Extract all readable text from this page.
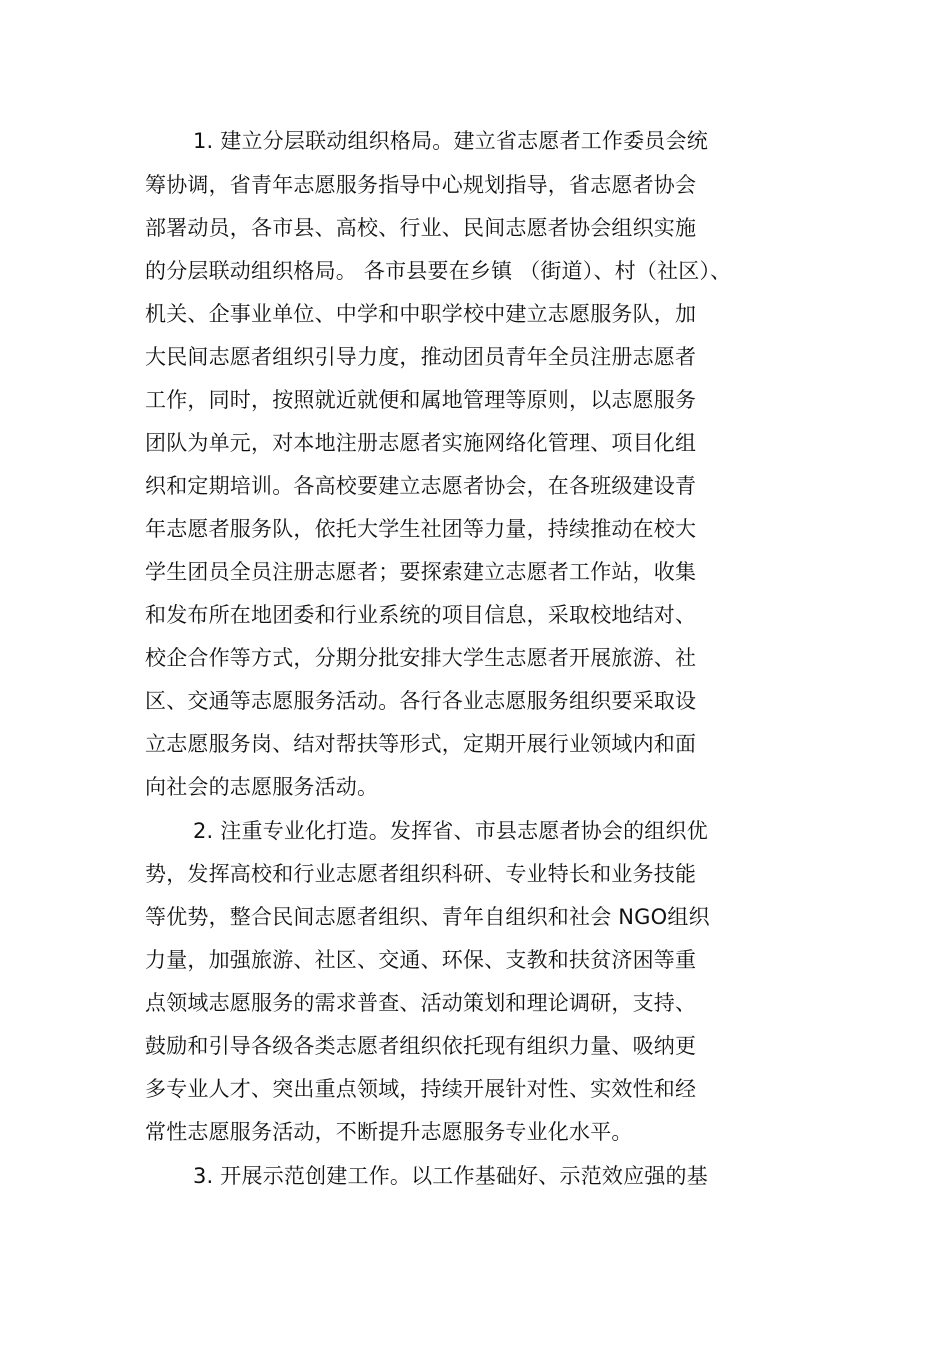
1. 建立分层联动组织格局。建立省志愿者工作委员会统
筹协调，省青年志愿服务指导中心规划指导，省志愿者协会
部署动员，各市县、高校、行业、民间志愿者协会组织实施
的分层联动组织格局。 各市县要在乡镇 （街道）、村（社区）、
机关、企事业单位、中学和中职学校中建立志愿服务队，加
大民间志愿者组织引导力度，推动团员青年全员注册志愿者
工作，同时，按照就近就便和属地管理等原则，以志愿服务
团队为单元，对本地注册志愿者实施网络化管理、项目化组
织和定期培训。各高校要建立志愿者协会，在各班级建设青
年志愿者服务队，依托大学生社团等力量，持续推动在校大
学生团员全员注册志愿者；要探索建立志愿者工作站，收集
和发布所在地团委和行业系统的项目信息，采取校地结对、
校企合作等方式，分期分批安排大学生志愿者开展旅游、社
区、交通等志愿服务活动。各行各业志愿服务组织要采取设
立志愿服务岗、结对帮扶等形式，定期开展行业领域内和面
向社会的志愿服务活动。
2. 注重专业化打造。发挥省、市县志愿者协会的组织优
势，发挥高校和行业志愿者组织科研、专业特长和业务技能
等优势，整合民间志愿者组织、青年自组织和社会 NGO组织
力量，加强旅游、社区、交通、环保、支教和扶贫济困等重
点领域志愿服务的需求普查、活动策划和理论调研，支持、
鼓励和引导各级各类志愿者组织依托现有组织力量、吸纳更
多专业人才、突出重点领域，持续开展针对性、实效性和经
常性志愿服务活动，不断提升志愿服务专业化水平。
3. 开展示范创建工作。以工作基础好、示范效应强的基
